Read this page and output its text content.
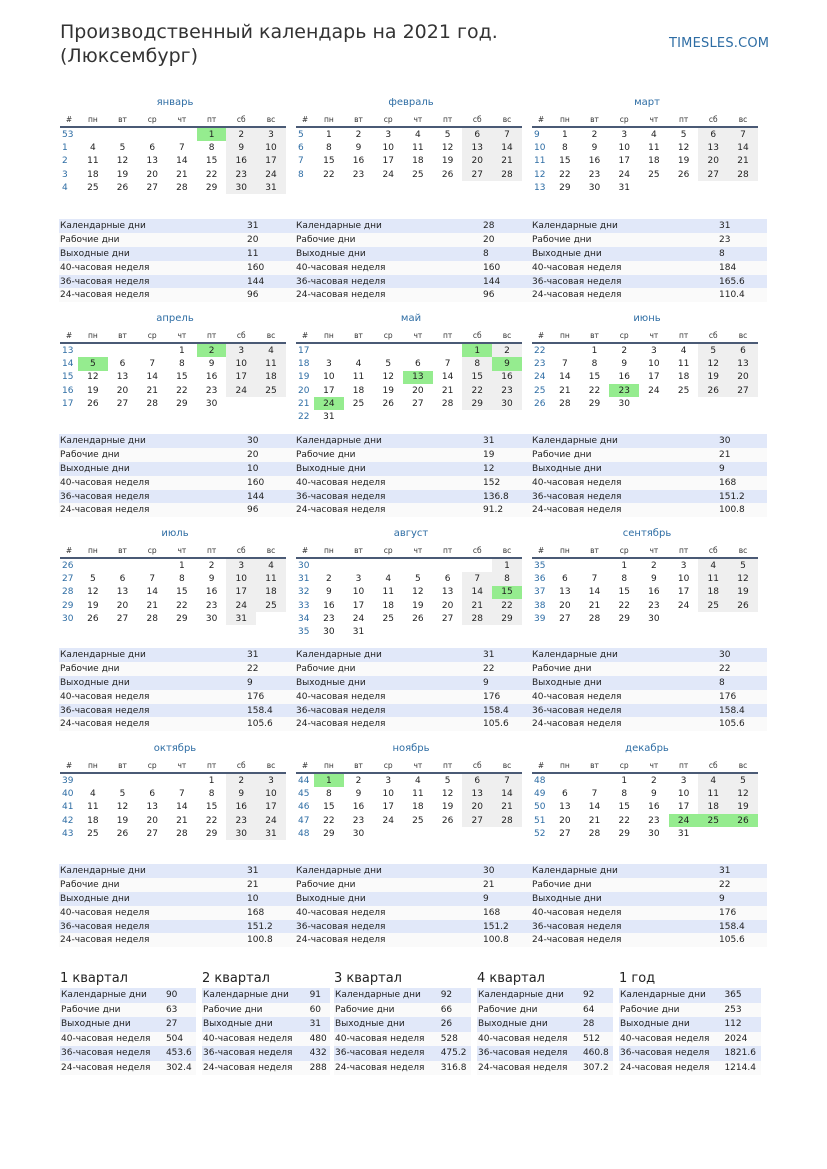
Производственный календарь на 2021 год.
(Люксембург)
TIMESLES.COM
январь
#	пн	вт	ср	чт	пт	сб	вс
53					1	2	3
1	4	5	6	7	8	9	10
2	11	12	13	14	15	16	17
3	18	19	20	21	22	23	24
4	25	26	27	28	29	30	31
Календарные дни	31
Рабочие дни	20
Выходные дни	11
40-часовая неделя	160
36-часовая неделя	144
24-часовая неделя	96
февраль
#	пн	вт	ср	чт	пт	сб	вс
5	1	2	3	4	5	6	7
6	8	9	10	11	12	13	14
7	15	16	17	18	19	20	21
8	22	23	24	25	26	27	28
Календарные дни	28
Рабочие дни	20
Выходные дни	8
40-часовая неделя	160
36-часовая неделя	144
24-часовая неделя	96
март
#	пн	вт	ср	чт	пт	сб	вс
9	1	2	3	4	5	6	7
10	8	9	10	11	12	13	14
11	15	16	17	18	19	20	21
12	22	23	24	25	26	27	28
13	29	30	31				
Календарные дни	31
Рабочие дни	23
Выходные дни	8
40-часовая неделя	184
36-часовая неделя	165.6
24-часовая неделя	110.4
апрель
#	пн	вт	ср	чт	пт	сб	вс
13				1	2	3	4
14	5	6	7	8	9	10	11
15	12	13	14	15	16	17	18
16	19	20	21	22	23	24	25
17	26	27	28	29	30		
Календарные дни	30
Рабочие дни	20
Выходные дни	10
40-часовая неделя	160
36-часовая неделя	144
24-часовая неделя	96
май
#	пн	вт	ср	чт	пт	сб	вс
17						1	2
18	3	4	5	6	7	8	9
19	10	11	12	13	14	15	16
20	17	18	19	20	21	22	23
21	24	25	26	27	28	29	30
22	31						
Календарные дни	31
Рабочие дни	19
Выходные дни	12
40-часовая неделя	152
36-часовая неделя	136.8
24-часовая неделя	91.2
июнь
#	пн	вт	ср	чт	пт	сб	вс
22		1	2	3	4	5	6
23	7	8	9	10	11	12	13
24	14	15	16	17	18	19	20
25	21	22	23	24	25	26	27
26	28	29	30				
Календарные дни	30
Рабочие дни	21
Выходные дни	9
40-часовая неделя	168
36-часовая неделя	151.2
24-часовая неделя	100.8
июль
#	пн	вт	ср	чт	пт	сб	вс
26				1	2	3	4
27	5	6	7	8	9	10	11
28	12	13	14	15	16	17	18
29	19	20	21	22	23	24	25
30	26	27	28	29	30	31	
Календарные дни	31
Рабочие дни	22
Выходные дни	9
40-часовая неделя	176
36-часовая неделя	158.4
24-часовая неделя	105.6
август
#	пн	вт	ср	чт	пт	сб	вс
30							1
31	2	3	4	5	6	7	8
32	9	10	11	12	13	14	15
33	16	17	18	19	20	21	22
34	23	24	25	26	27	28	29
35	30	31					
Календарные дни	31
Рабочие дни	22
Выходные дни	9
40-часовая неделя	176
36-часовая неделя	158.4
24-часовая неделя	105.6
сентябрь
#	пн	вт	ср	чт	пт	сб	вс
35			1	2	3	4	5
36	6	7	8	9	10	11	12
37	13	14	15	16	17	18	19
38	20	21	22	23	24	25	26
39	27	28	29	30			
Календарные дни	30
Рабочие дни	22
Выходные дни	8
40-часовая неделя	176
36-часовая неделя	158.4
24-часовая неделя	105.6
октябрь
#	пн	вт	ср	чт	пт	сб	вс
39					1	2	3
40	4	5	6	7	8	9	10
41	11	12	13	14	15	16	17
42	18	19	20	21	22	23	24
43	25	26	27	28	29	30	31
Календарные дни	31
Рабочие дни	21
Выходные дни	10
40-часовая неделя	168
36-часовая неделя	151.2
24-часовая неделя	100.8
ноябрь
#	пн	вт	ср	чт	пт	сб	вс
44	1	2	3	4	5	6	7
45	8	9	10	11	12	13	14
46	15	16	17	18	19	20	21
47	22	23	24	25	26	27	28
48	29	30					
Календарные дни	30
Рабочие дни	21
Выходные дни	9
40-часовая неделя	168
36-часовая неделя	151.2
24-часовая неделя	100.8
декабрь
#	пн	вт	ср	чт	пт	сб	вс
48			1	2	3	4	5
49	6	7	8	9	10	11	12
50	13	14	15	16	17	18	19
51	20	21	22	23	24	25	26
52	27	28	29	30	31		
Календарные дни	31
Рабочие дни	22
Выходные дни	9
40-часовая неделя	176
36-часовая неделя	158.4
24-часовая неделя	105.6
1 квартал
Календарные дни	90
Рабочие дни	63
Выходные дни	27
40-часовая неделя	504
36-часовая неделя	453.6
24-часовая неделя	302.4
2 квартал
Календарные дни	91
Рабочие дни	60
Выходные дни	31
40-часовая неделя	480
36-часовая неделя	432
24-часовая неделя	288
3 квартал
Календарные дни	92
Рабочие дни	66
Выходные дни	26
40-часовая неделя	528
36-часовая неделя	475.2
24-часовая неделя	316.8
4 квартал
Календарные дни	92
Рабочие дни	64
Выходные дни	28
40-часовая неделя	512
36-часовая неделя	460.8
24-часовая неделя	307.2
1 год
Календарные дни	365
Рабочие дни	253
Выходные дни	112
40-часовая неделя	2024
36-часовая неделя	1821.6
24-часовая неделя	1214.4
